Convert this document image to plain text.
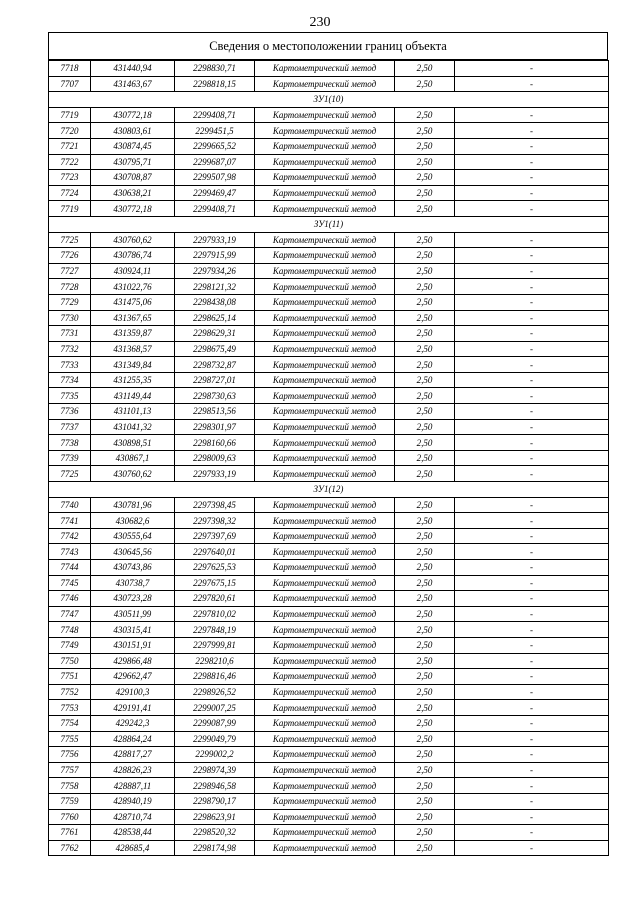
230
Сведения о местоположении границ объекта
7718	431440,94	2298830,71	Картометрический метод	2,50	-
7707	431463,67	2298818,15	Картометрический метод	2,50	-
ЗУ1(10)					
7719	430772,18	2299408,71	Картометрический метод	2,50	-
7720	430803,61	2299451,5	Картометрический метод	2,50	-
7721	430874,45	2299665,52	Картометрический метод	2,50	-
7722	430795,71	2299687,07	Картометрический метод	2,50	-
7723	430708,87	2299507,98	Картометрический метод	2,50	-
7724	430638,21	2299469,47	Картометрический метод	2,50	-
7719	430772,18	2299408,71	Картометрический метод	2,50	-
ЗУ1(11)					
7725	430760,62	2297933,19	Картометрический метод	2,50	-
7726	430786,74	2297915,99	Картометрический метод	2,50	-
7727	430924,11	2297934,26	Картометрический метод	2,50	-
7728	431022,76	2298121,32	Картометрический метод	2,50	-
7729	431475,06	2298438,08	Картометрический метод	2,50	-
7730	431367,65	2298625,14	Картометрический метод	2,50	-
7731	431359,87	2298629,31	Картометрический метод	2,50	-
7732	431368,57	2298675,49	Картометрический метод	2,50	-
7733	431349,84	2298732,87	Картометрический метод	2,50	-
7734	431255,35	2298727,01	Картометрический метод	2,50	-
7735	431149,44	2298730,63	Картометрический метод	2,50	-
7736	431101,13	2298513,56	Картометрический метод	2,50	-
7737	431041,32	2298301,97	Картометрический метод	2,50	-
7738	430898,51	2298160,66	Картометрический метод	2,50	-
7739	430867,1	2298009,63	Картометрический метод	2,50	-
7725	430760,62	2297933,19	Картометрический метод	2,50	-
ЗУ1(12)					
7740	430781,96	2297398,45	Картометрический метод	2,50	-
7741	430682,6	2297398,32	Картометрический метод	2,50	-
7742	430555,64	2297397,69	Картометрический метод	2,50	-
7743	430645,56	2297640,01	Картометрический метод	2,50	-
7744	430743,86	2297625,53	Картометрический метод	2,50	-
7745	430738,7	2297675,15	Картометрический метод	2,50	-
7746	430723,28	2297820,61	Картометрический метод	2,50	-
7747	430511,99	2297810,02	Картометрический метод	2,50	-
7748	430315,41	2297848,19	Картометрический метод	2,50	-
7749	430151,91	2297999,81	Картометрический метод	2,50	-
7750	429866,48	2298210,6	Картометрический метод	2,50	-
7751	429662,47	2298816,46	Картометрический метод	2,50	-
7752	429100,3	2298926,52	Картометрический метод	2,50	-
7753	429191,41	2299007,25	Картометрический метод	2,50	-
7754	429242,3	2299087,99	Картометрический метод	2,50	-
7755	428864,24	2299049,79	Картометрический метод	2,50	-
7756	428817,27	2299002,2	Картометрический метод	2,50	-
7757	428826,23	2298974,39	Картометрический метод	2,50	-
7758	428887,11	2298946,58	Картометрический метод	2,50	-
7759	428940,19	2298790,17	Картометрический метод	2,50	-
7760	428710,74	2298623,91	Картометрический метод	2,50	-
7761	428538,44	2298520,32	Картометрический метод	2,50	-
7762	428685,4	2298174,98	Картометрический метод	2,50	-
